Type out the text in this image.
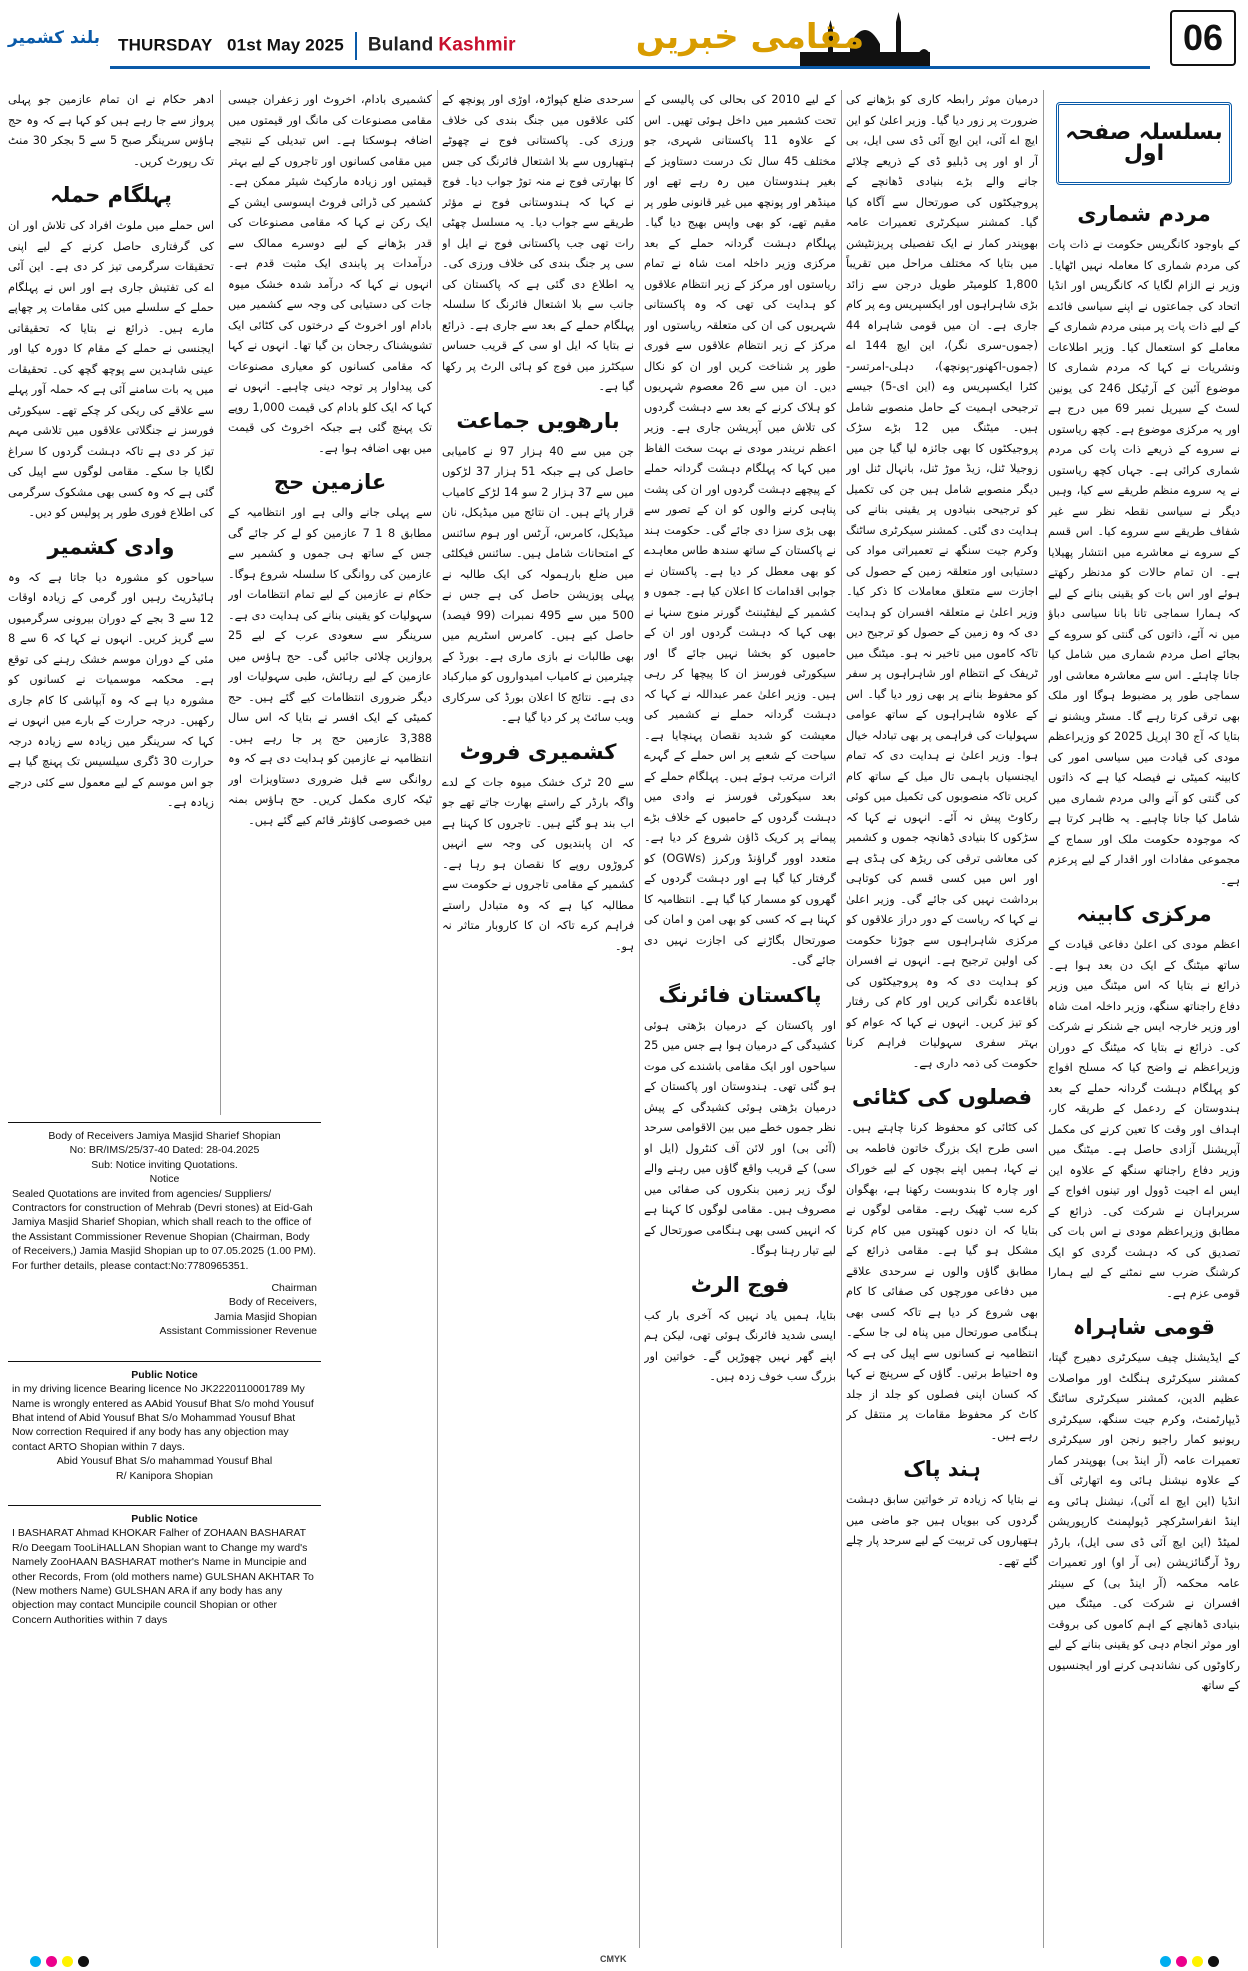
بلند کشمیر THURSDAY 01st May 2025 Buland Kashmir	مقامی خبریں	06
بسلسلہ صفحہ اول
مردم شماری

کے باوجود کانگریس حکومت نے ذات پات کی مردم شماری کا معاملہ نہیں اٹھایا۔ وزیر نے الزام لگایا کہ کانگریس اور انڈیا اتحاد کی جماعتوں نے اپنے سیاسی فائدے کے لیے ذات پات پر مبنی مردم شماری کے معاملے کو استعمال کیا۔ وزیر اطلاعات ونشریات نے کہا کہ مردم شماری کا موضوع آئین کے آرٹیکل 246 کی یونین لسٹ کے سیریل نمبر 69 میں درج ہے اور یہ مرکزی موضوع ہے۔ کچھ ریاستوں نے سروے کے ذریعے ذات پات کی مردم شماری کرائی ہے۔ جہاں کچھ ریاستوں نے یہ سروے منظم طریقے سے کیا، وہیں دیگر نے سیاسی نقطہ نظر سے غیر شفاف طریقے سے سروے کیا۔ اس قسم کے سروے نے معاشرے میں انتشار پھیلایا ہے۔ ان تمام حالات کو مدنظر رکھتے ہوئے اور اس بات کو یقینی بنانے کے لیے کہ ہمارا سماجی تانا بانا سیاسی دباؤ میں نہ آئے، ذاتوں کی گنتی کو سروے کے بجائے اصل مردم شماری میں شامل کیا جانا چاہئے۔ اس سے معاشرہ معاشی اور سماجی طور پر مضبوط ہوگا اور ملک بھی ترقی کرتا رہے گا۔ مسٹر ویشنو نے بتایا کہ آج 30 اپریل 2025 کو وزیراعظم مودی کی قیادت میں سیاسی امور کی کابینہ کمیٹی نے فیصلہ کیا ہے کہ ذاتوں کی گنتی کو آنے والی مردم شماری میں شامل کیا جانا چاہیے۔ یہ ظاہر کرتا ہے کہ موجودہ حکومت ملک اور سماج کے مجموعی مفادات اور اقدار کے لیے پرعزم ہے۔

مرکزی کابینہ

اعظم مودی کی اعلیٰ دفاعی قیادت کے ساتھ میٹنگ کے ایک دن بعد ہوا ہے۔ ذرائع نے بتایا کہ اس میٹنگ میں وزیر دفاع راجناتھ سنگھ، وزیر داخلہ امت شاہ اور وزیر خارجہ ایس جے شنکر نے شرکت کی۔ ذرائع نے بتایا کہ میٹنگ کے دوران وزیراعظم نے واضح کیا کہ مسلح افواج کو پہلگام دہشت گردانہ حملے کے بعد ہندوستان کے ردعمل کے طریقہ کار، اہداف اور وقت کا تعین کرنے کی مکمل آپریشنل آزادی حاصل ہے۔ میٹنگ میں وزیر دفاع راجناتھ سنگھ کے علاوہ این ایس اے اجیت ڈوول اور تینوں افواج کے سربراہان نے شرکت کی۔ ذرائع کے مطابق وزیراعظم مودی نے اس بات کی تصدیق کی کہ دہشت گردی کو ایک کرشنگ ضرب سے نمٹنے کے لیے ہمارا قومی عزم ہے۔

قومی شاہراہ

کے ایڈیشنل چیف سیکرٹری دھیرج گپتا، کمشنر سیکرٹری ہنگلٹ اور مواصلات عظیم الدین، کمشنر سیکرٹری ساٹنگ ڈیپارٹمنٹ، وکرم جیت سنگھ، سیکرٹری ریونیو کمار راجیو رنجن اور سیکرٹری تعمیرات عامہ (آر اینڈ بی) بھوپندر کمار کے علاوہ نیشنل ہائی وے اتھارٹی آف انڈیا (این ایچ اے آئی)، نیشنل ہائی وے اینڈ انفراسٹرکچر ڈیولپمنٹ کارپوریشن لمیٹڈ (این ایچ آئی ڈی سی ایل)، بارڈر روڈ آرگنائزیشن (بی آر او) اور تعمیرات عامہ محکمہ (آر اینڈ بی) کے سینئر افسران نے شرکت کی۔ میٹنگ میں بنیادی ڈھانچے کے اہم کاموں کی بروقت اور موثر انجام دہی کو یقینی بنانے کے لیے رکاوٹوں کی نشاندہی کرنے اور ایجنسیوں کے ساتھ

درمیان موثر رابطہ کاری کو بڑھانے کی ضرورت پر زور دیا گیا۔ وزیر اعلیٰ کو این ایچ اے آئی، این ایچ آئی ڈی سی ایل، بی آر او اور پی ڈبلیو ڈی کے ذریعے چلائے جانے والے بڑے بنیادی ڈھانچے کے پروجیکٹوں کی صورتحال سے آگاہ کیا گیا۔ کمشنر سیکرٹری تعمیرات عامہ بھوپندر کمار نے ایک تفصیلی پریزنٹیشن میں بتایا کہ مختلف مراحل میں تقریباً 1,800 کلومیٹر طویل درجن سے زائد بڑی شاہراہوں اور ایکسپریس وے پر کام جاری ہے۔ ان میں قومی شاہراہ 44 (جموں-سری نگر)، این ایچ 144 اے (جموں-اکھنور-پونچھ)، دہلی-امرتسر-کٹرا ایکسپریس وے (این ای-5) جیسے ترجیحی اہمیت کے حامل منصوبے شامل ہیں۔ میٹنگ میں 12 بڑے سڑک پروجیکٹوں کا بھی جائزہ لیا گیا جن میں زوجیلا ٹنل، زیڈ موڑ ٹنل، بانہال ٹنل اور دیگر منصوبے شامل ہیں جن کی تکمیل کو ترجیحی بنیادوں پر یقینی بنانے کی ہدایت دی گئی۔ کمشنر سیکرٹری ساٹنگ وکرم جیت سنگھ نے تعمیراتی مواد کی دستیابی اور متعلقہ زمین کے حصول کی اجازت سے متعلق معاملات کا ذکر کیا۔ وزیر اعلیٰ نے متعلقہ افسران کو ہدایت دی کہ وہ زمین کے حصول کو ترجیح دیں تاکہ کاموں میں تاخیر نہ ہو۔ میٹنگ میں ٹریفک کے انتظام اور شاہراہوں پر سفر کو محفوظ بنانے پر بھی زور دیا گیا۔ اس کے علاوہ شاہراہوں کے ساتھ عوامی سہولیات کی فراہمی پر بھی تبادلہ خیال ہوا۔ وزیر اعلیٰ نے ہدایت دی کہ تمام ایجنسیاں باہمی تال میل کے ساتھ کام کریں تاکہ منصوبوں کی تکمیل میں کوئی رکاوٹ پیش نہ آئے۔ انہوں نے کہا کہ سڑکوں کا بنیادی ڈھانچہ جموں و کشمیر کی معاشی ترقی کی ریڑھ کی ہڈی ہے اور اس میں کسی قسم کی کوتاہی برداشت نہیں کی جائے گی۔ وزیر اعلیٰ نے کہا کہ ریاست کے دور دراز علاقوں کو مرکزی شاہراہوں سے جوڑنا حکومت کی اولین ترجیح ہے۔ انہوں نے افسران کو ہدایت دی کہ وہ پروجیکٹوں کی باقاعدہ نگرانی کریں اور کام کی رفتار کو تیز کریں۔ انہوں نے کہا کہ عوام کو بہتر سفری سہولیات فراہم کرنا حکومت کی ذمہ داری ہے۔

فصلوں کی کٹائی

کی کٹائی کو محفوظ کرنا چاہتے ہیں۔ اسی طرح ایک بزرگ خاتون فاطمہ بی نے کہا، ہمیں اپنے بچوں کے لیے خوراک اور چارہ کا بندوبست رکھنا ہے، بھگوان کرے سب ٹھیک رہے۔ مقامی لوگوں نے بتایا کہ ان دنوں کھیتوں میں کام کرنا مشکل ہو گیا ہے۔ مقامی ذرائع کے مطابق گاؤں والوں نے سرحدی علاقے میں دفاعی مورچوں کی صفائی کا کام بھی شروع کر دیا ہے تاکہ کسی بھی ہنگامی صورتحال میں پناہ لی جا سکے۔ انتظامیہ نے کسانوں سے اپیل کی ہے کہ وہ احتیاط برتیں۔ گاؤں کے سرپنچ نے کہا کہ کسان اپنی فصلوں کو جلد از جلد کاٹ کر محفوظ مقامات پر منتقل کر رہے ہیں۔

ہند پاک

نے بتایا کہ زیادہ تر خواتین سابق دہشت گردوں کی بیویاں ہیں جو ماضی میں ہتھیاروں کی تربیت کے لیے سرحد پار چلے گئے تھے۔

کے لیے 2010 کی بحالی کی پالیسی کے تحت کشمیر میں داخل ہوئی تھیں۔ اس کے علاوہ 11 پاکستانی شہری، جو مختلف 45 سال تک درست دستاویز کے بغیر ہندوستان میں رہ رہے تھے اور مینڈھر اور پونچھ میں غیر قانونی طور پر مقیم تھے، کو بھی واپس بھیج دیا گیا۔ پہلگام دہشت گردانہ حملے کے بعد مرکزی وزیر داخلہ امت شاہ نے تمام ریاستوں اور مرکز کے زیر انتظام علاقوں کو ہدایت کی تھی کہ وہ پاکستانی شہریوں کی ان کی متعلقہ ریاستوں اور مرکز کے زیر انتظام علاقوں سے فوری طور پر شناخت کریں اور ان کو نکال دیں۔ ان میں سے 26 معصوم شہریوں کو ہلاک کرنے کے بعد سے دہشت گردوں کی تلاش میں آپریشن جاری ہے۔ وزیر اعظم نریندر مودی نے بہت سخت الفاظ میں کہا کہ پہلگام دہشت گردانہ حملے کے پیچھے دہشت گردوں اور ان کی پشت پناہی کرنے والوں کو ان کے تصور سے بھی بڑی سزا دی جائے گی۔ حکومت ہند نے پاکستان کے ساتھ سندھ طاس معاہدے کو بھی معطل کر دیا ہے۔ پاکستان نے جوابی اقدامات کا اعلان کیا ہے۔ جموں و کشمیر کے لیفٹیننٹ گورنر منوج سنہا نے بھی کہا کہ دہشت گردوں اور ان کے حامیوں کو بخشا نہیں جائے گا اور سیکورٹی فورسز ان کا پیچھا کر رہی ہیں۔ وزیر اعلیٰ عمر عبداللہ نے کہا کہ دہشت گردانہ حملے نے کشمیر کی معیشت کو شدید نقصان پہنچایا ہے۔ سیاحت کے شعبے پر اس حملے کے گہرے اثرات مرتب ہوئے ہیں۔ پہلگام حملے کے بعد سیکورٹی فورسز نے وادی میں دہشت گردوں کے حامیوں کے خلاف بڑے پیمانے پر کریک ڈاؤن شروع کر دیا ہے۔ متعدد اوور گراؤنڈ ورکرز (OGWs) کو گرفتار کیا گیا ہے اور دہشت گردوں کے گھروں کو مسمار کیا گیا ہے۔ انتظامیہ کا کہنا ہے کہ کسی کو بھی امن و امان کی صورتحال بگاڑنے کی اجازت نہیں دی جائے گی۔

پاکستان فائرنگ

اور پاکستان کے درمیان بڑھتی ہوئی کشیدگی کے درمیان ہوا ہے جس میں 25 سیاحوں اور ایک مقامی باشندے کی موت ہو گئی تھی۔ ہندوستان اور پاکستان کے درمیان بڑھتی ہوئی کشیدگی کے پیش نظر جموں خطے میں بین الاقوامی سرحد (آئی بی) اور لائن آف کنٹرول (ایل او سی) کے قریب واقع گاؤں میں رہنے والے لوگ زیر زمین بنکروں کی صفائی میں مصروف ہیں۔ مقامی لوگوں کا کہنا ہے کہ انہیں کسی بھی ہنگامی صورتحال کے لیے تیار رہنا ہوگا۔

فوج الرٹ

بتایا، ہمیں یاد نہیں کہ آخری بار کب ایسی شدید فائرنگ ہوئی تھی، لیکن ہم اپنے گھر نہیں چھوڑیں گے۔ خواتین اور بزرگ سب خوف زدہ ہیں۔

سرحدی ضلع کپواڑہ، اوڑی اور پونچھ کے کئی علاقوں میں جنگ بندی کی خلاف ورزی کی۔ پاکستانی فوج نے چھوٹے ہتھیاروں سے بلا اشتعال فائرنگ کی جس کا بھارتی فوج نے منہ توڑ جواب دیا۔ فوج نے کہا کہ ہندوستانی فوج نے مؤثر طریقے سے جواب دیا۔ یہ مسلسل چھٹی رات تھی جب پاکستانی فوج نے ایل او سی پر جنگ بندی کی خلاف ورزی کی۔ یہ اطلاع دی گئی ہے کہ پاکستان کی جانب سے بلا اشتعال فائرنگ کا سلسلہ پہلگام حملے کے بعد سے جاری ہے۔ ذرائع نے بتایا کہ ایل او سی کے قریب حساس سیکٹرز میں فوج کو ہائی الرٹ پر رکھا گیا ہے۔

بارھویں جماعت

جن میں سے 40 ہزار 97 نے کامیابی حاصل کی ہے جبکہ 51 ہزار 37 لڑکوں میں سے 37 ہزار 2 سو 14 لڑکے کامیاب قرار پائے ہیں۔ ان نتائج میں میڈیکل، نان میڈیکل، کامرس، آرٹس اور ہوم سائنس کے امتحانات شامل ہیں۔ سائنس فیکلٹی میں ضلع بارہمولہ کی ایک طالبہ نے پہلی پوزیشن حاصل کی ہے جس نے 500 میں سے 495 نمبرات (99 فیصد) حاصل کیے ہیں۔ کامرس اسٹریم میں بھی طالبات نے بازی ماری ہے۔ بورڈ کے چیئرمین نے کامیاب امیدواروں کو مبارکباد دی ہے۔ نتائج کا اعلان بورڈ کی سرکاری ویب سائٹ پر کر دیا گیا ہے۔

کشمیری فروٹ

سے 20 ٹرک خشک میوہ جات کے لدے واگہ بارڈر کے راستے بھارت جاتے تھے جو اب بند ہو گئے ہیں۔ تاجروں کا کہنا ہے کہ ان پابندیوں کی وجہ سے انہیں کروڑوں روپے کا نقصان ہو رہا ہے۔ کشمیر کے مقامی تاجروں نے حکومت سے مطالبہ کیا ہے کہ وہ متبادل راستے فراہم کرے تاکہ ان کا کاروبار متاثر نہ ہو۔

کشمیری بادام، اخروٹ اور زعفران جیسی مقامی مصنوعات کی مانگ اور قیمتوں میں اضافہ ہوسکتا ہے۔ اس تبدیلی کے نتیجے میں مقامی کسانوں اور تاجروں کے لیے بہتر قیمتیں اور زیادہ مارکیٹ شیئر ممکن ہے۔ کشمیر کی ڈرائی فروٹ ایسوسی ایشن کے ایک رکن نے کہا کہ مقامی مصنوعات کی قدر بڑھانے کے لیے دوسرے ممالک سے درآمدات پر پابندی ایک مثبت قدم ہے۔ انہوں نے کہا کہ درآمد شدہ خشک میوہ جات کی دستیابی کی وجہ سے کشمیر میں بادام اور اخروٹ کے درختوں کی کٹائی ایک تشویشناک رجحان بن گیا تھا۔ انہوں نے کہا کہ مقامی کسانوں کو معیاری مصنوعات کی پیداوار پر توجہ دینی چاہیے۔ انہوں نے کہا کہ ایک کلو بادام کی قیمت 1,000 روپے تک پہنچ گئی ہے جبکہ اخروٹ کی قیمت میں بھی اضافہ ہوا ہے۔

عازمین حج

سے پہلی جانے والی ہے اور انتظامیہ کے مطابق 8 1 7 عازمین کو لے کر جائے گی جس کے ساتھ ہی جموں و کشمیر سے عازمین کی روانگی کا سلسلہ شروع ہوگا۔ حکام نے عازمین کے لیے تمام انتظامات اور سہولیات کو یقینی بنانے کی ہدایت دی ہے۔ سرینگر سے سعودی عرب کے لیے 25 پروازیں چلائی جائیں گی۔ حج ہاؤس میں عازمین کے لیے رہائش، طبی سہولیات اور دیگر ضروری انتظامات کیے گئے ہیں۔ حج کمیٹی کے ایک افسر نے بتایا کہ اس سال 3,388 عازمین حج پر جا رہے ہیں۔ انتظامیہ نے عازمین کو ہدایت دی ہے کہ وہ روانگی سے قبل ضروری دستاویزات اور ٹیکہ کاری مکمل کریں۔ حج ہاؤس بمنہ میں خصوصی کاؤنٹر قائم کیے گئے ہیں۔

ادھر حکام نے ان تمام عازمین جو پہلی پرواز سے جا رہے ہیں کو کہا ہے کہ وہ حج ہاؤس سرینگر صبح 5 سے 5 بجکر 30 منٹ تک رپورٹ کریں۔

پہلگام حملہ

اس حملے میں ملوث افراد کی تلاش اور ان کی گرفتاری حاصل کرنے کے لیے اپنی تحقیقات سرگرمی تیز کر دی ہے۔ این آئی اے کی تفتیش جاری ہے اور اس نے پہلگام حملے کے سلسلے میں کئی مقامات پر چھاپے مارے ہیں۔ ذرائع نے بتایا کہ تحقیقاتی ایجنسی نے حملے کے مقام کا دورہ کیا اور عینی شاہدین سے پوچھ گچھ کی۔ تحقیقات میں یہ بات سامنے آئی ہے کہ حملہ آور پہلے سے علاقے کی ریکی کر چکے تھے۔ سیکورٹی فورسز نے جنگلاتی علاقوں میں تلاشی مہم تیز کر دی ہے تاکہ دہشت گردوں کا سراغ لگایا جا سکے۔ مقامی لوگوں سے اپیل کی گئی ہے کہ وہ کسی بھی مشکوک سرگرمی کی اطلاع فوری طور پر پولیس کو دیں۔

وادی کشمیر

سیاحوں کو مشورہ دیا جاتا ہے کہ وہ ہائیڈریٹ رہیں اور گرمی کے زیادہ اوقات 12 سے 3 بجے کے دوران بیرونی سرگرمیوں سے گریز کریں۔ انہوں نے کہا کہ 6 سے 8 مئی کے دوران موسم خشک رہنے کی توقع ہے۔ محکمہ موسمیات نے کسانوں کو مشورہ دیا ہے کہ وہ آبپاشی کا کام جاری رکھیں۔ درجہ حرارت کے بارے میں انہوں نے کہا کہ سرینگر میں زیادہ سے زیادہ درجہ حرارت 30 ڈگری سیلسیس تک پہنچ گیا ہے جو اس موسم کے لیے معمول سے کئی درجے زیادہ ہے۔

Body of Receivers Jamiya Masjid Sharief Shopian
No: BR/IMS/25/37-40 Dated: 28-04.2025
Sub: Notice inviting Quotations.
Notice
Sealed Quotations are invited from agencies/ Suppliers/ Contractors for construction of Mehrab (Devri stones) at Eid-Gah Jamiya Masjid Sharief Shopian, which shall reach to the office of the Assistant Commissioner Revenue Shopian (Chairman, Body of Receivers,) Jamia Masjid Shopian up to 07.05.2025 (1.00 PM). For further details, please contact:No:7780965351.
Chairman
Body of Receivers,
Jamia Masjid Shopian
Assistant Commissioner Revenue
Public Notice
in my driving licence Bearing licence No JK2220110001789 My Name is wrongly entered as AAbid Yousuf Bhat S/o mohd Yousuf Bhat intend of Abid Yousuf Bhat S/o Mohammad Yousuf Bhat Now correction Required if any body has any objection may contact ARTO Shopian within 7 days.
Abid Yousuf Bhat S/o mahammad Yousuf Bhal
R/ Kanipora Shopian
Public Notice
I BASHARAT Ahmad KHOKAR Falher of ZOHAAN BASHARAT R/o Deegam TooLiHALLAN Shopian want to Change my ward's Namely ZooHAAN BASHARAT mother's Name in Muncipie and other Records, From (old mothers name) GULSHAN AKHTAR To (New mothers Name) GULSHAN ARA if any body has any objection may contact Muncipile council Shopian or other Concern Authorities within 7 days
CMYK
